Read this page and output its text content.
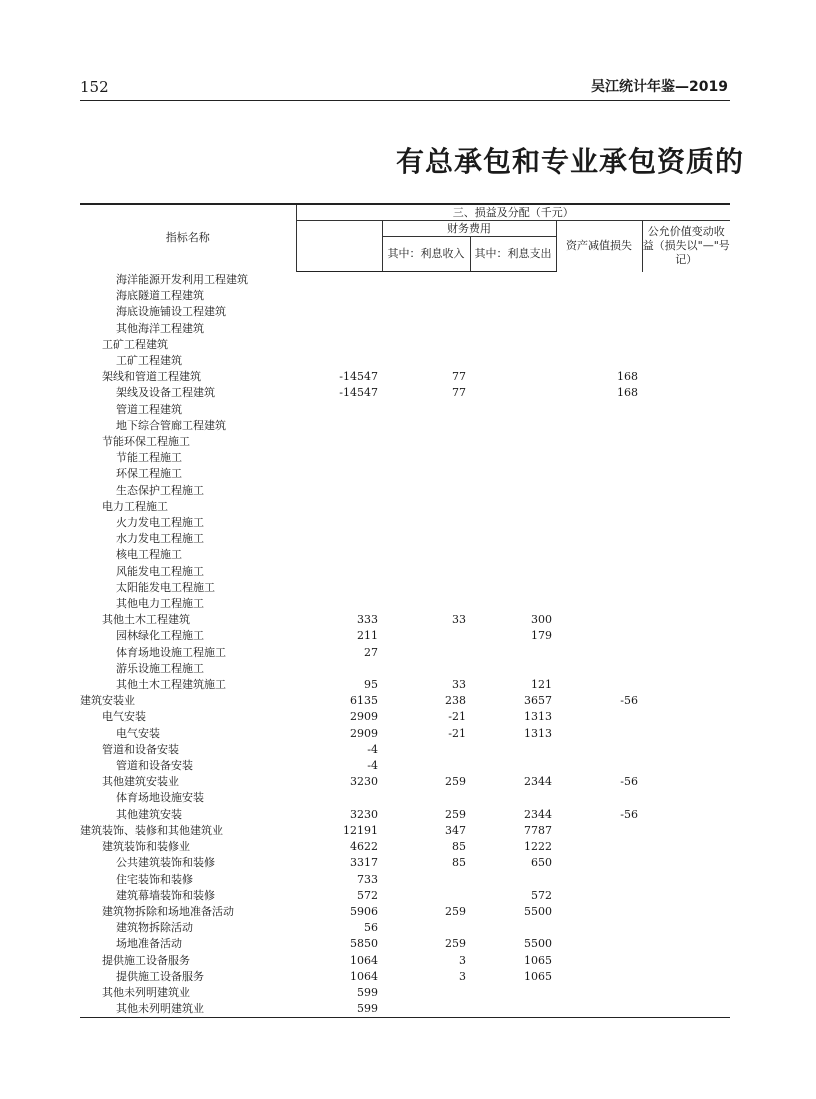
152	吴江统计年鉴—2019
有总承包和专业承包资质的
指标名称	三、损益及分配（千元）				
		财务费用		资产减值损失	公允价值变动收益（损失以"—"号记）
		其中：利息收入	其中：利息支出		
海洋能源开发利用工程建筑					
海底隧道工程建筑					
海底设施铺设工程建筑					
其他海洋工程建筑					
工矿工程建筑					
工矿工程建筑					
架线和管道工程建筑	-14547	77		168	
架线及设备工程建筑	-14547	77		168	
管道工程建筑					
地下综合管廊工程建筑					
节能环保工程施工					
节能工程施工					
环保工程施工					
生态保护工程施工					
电力工程施工					
火力发电工程施工					
水力发电工程施工					
核电工程施工					
风能发电工程施工					
太阳能发电工程施工					
其他电力工程施工					
其他土木工程建筑	333	33	300		
园林绿化工程施工	211		179		
体育场地设施工程施工	27				
游乐设施工程施工					
其他土木工程建筑施工	95	33	121		
建筑安装业	6135	238	3657	-56	
电气安装	2909	-21	1313		
电气安装	2909	-21	1313		
管道和设备安装	-4				
管道和设备安装	-4				
其他建筑安装业	3230	259	2344	-56	
体育场地设施安装					
其他建筑安装	3230	259	2344	-56	
建筑装饰、装修和其他建筑业	12191	347	7787		
建筑装饰和装修业	4622	85	1222		
公共建筑装饰和装修	3317	85	650		
住宅装饰和装修	733				
建筑幕墙装饰和装修	572		572		
建筑物拆除和场地准备活动	5906	259	5500		
建筑物拆除活动	56				
场地准备活动	5850	259	5500		
提供施工设备服务	1064	3	1065		
提供施工设备服务	1064	3	1065		
其他未列明建筑业	599				
其他未列明建筑业	599				
